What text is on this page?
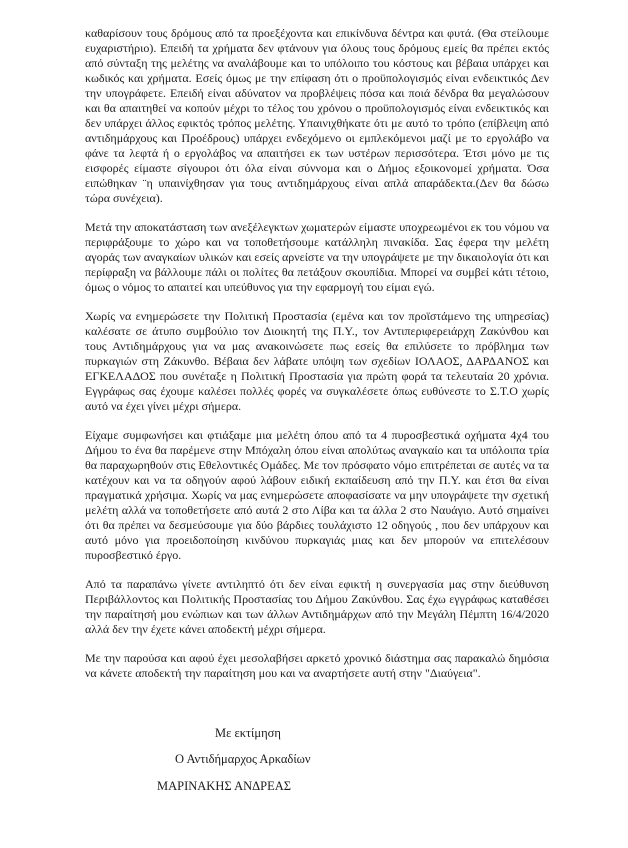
καθαρίσουν τους δρόμους από τα προεξέχοντα και επικίνδυνα δέντρα και φυτά. (Θα στείλουμε ευχαριστήριο). Επειδή τα χρήματα δεν φτάνουν για όλους τους δρόμους εμείς θα πρέπει εκτός από σύνταξη της μελέτης να αναλάβουμε και το υπόλοιπο του κόστους και βέβαια υπάρχει και κωδικός και χρήματα. Εσείς όμως με την επίφαση ότι ο προϋπολογισμός είναι ενδεικτικός Δεν την υπογράφετε. Επειδή είναι αδύνατον να προβλέψεις πόσα και ποιά δένδρα θα μεγαλώσουν και θα απαιτηθεί να κοπούν μέχρι το τέλος του χρόνου ο προϋπολογισμός είναι ενδεικτικός και δεν υπάρχει άλλος εφικτός τρόπος μελέτης. Υπαινιχθήκατε ότι με αυτό το τρόπο (επίβλεψη από αντιδημάρχους και Προέδρους) υπάρχει ενδεχόμενο οι εμπλεκόμενοι μαζί με το εργολάβο να φάνε τα λεφτά ή ο εργολάβος να απαιτήσει εκ των υστέρων περισσότερα. Έτσι μόνο με τις εισφορές είμαστε σίγουροι ότι όλα είναι σύννομα και ο Δήμος εξοικονομεί χρήματα. Όσα ειπώθηκαν ¨η υπαινίχθησαν για τους αντιδημάρχους είναι απλά απαράδεκτα.(Δεν θα δώσω τώρα συνέχεια).

Μετά την αποκατάσταση των ανεξέλεγκτων χωματερών είμαστε υποχρεωμένοι εκ του νόμου να περιφράξουμε το χώρο και να τοποθετήσουμε κατάλληλη πινακίδα. Σας έφερα την μελέτη αγοράς των αναγκαίων υλικών και εσείς αρνείστε να την υπογράψετε με την δικαιολογία ότι και περίφραξη να βάλλουμε πάλι οι πολίτες θα πετάξουν σκουπίδια. Μπορεί να συμβεί κάτι τέτοιο, όμως ο νόμος το απαιτεί και υπεύθυνος για την εφαρμογή του είμαι εγώ.

Χωρίς να ενημερώσετε την Πολιτική Προστασία (εμένα και τον προϊστάμενο της υπηρεσίας) καλέσατε σε άτυπο συμβούλιο τον Διοικητή της Π.Υ., τον Αντιπεριφερειάρχη Ζακύνθου και τους Αντιδημάρχους για να μας ανακοινώσετε πως εσείς θα επιλύσετε το πρόβλημα των πυρκαγιών στη Ζάκυνθο. Βέβαια δεν λάβατε υπόψη των σχεδίων ΙΟΛΑΟΣ, ΔΑΡΔΑΝΟΣ και ΕΓΚΕΛΑΔΟΣ που συνέταξε η Πολιτική Προστασία για πρώτη φορά τα τελευταία 20 χρόνια. Εγγράφως σας έχουμε καλέσει πολλές φορές να συγκαλέσετε όπως ευθύνεστε το Σ.Τ.Ο χωρίς αυτό να έχει γίνει μέχρι σήμερα.

Είχαμε συμφωνήσει και φτιάξαμε μια μελέτη όπου από τα 4 πυροσβεστικά οχήματα 4χ4 του Δήμου το ένα θα παρέμενε στην Μπόχαλη όπου είναι απολύτως αναγκαίο και τα υπόλοιπα τρία θα παραχωρηθούν στις Εθελοντικές Ομάδες. Με τον πρόσφατο νόμο επιτρέπεται σε αυτές να τα κατέχουν και να τα οδηγούν αφού λάβουν ειδική εκπαίδευση από την Π.Υ. και έτσι θα είναι πραγματικά χρήσιμα. Χωρίς να μας ενημερώσετε αποφασίσατε να μην υπογράψετε την σχετική μελέτη αλλά να τοποθετήσετε από αυτά 2 στο Λίβα και τα άλλα 2 στο Ναυάγιο. Αυτό σημαίνει ότι θα πρέπει να δεσμεύσουμε για δύο βάρδιες τουλάχιστο 12 οδηγούς , που δεν υπάρχουν και αυτό μόνο για προειδοποίηση κινδύνου πυρκαγιάς μιας και δεν μπορούν να επιτελέσουν πυροσβεστικό έργο.

Από τα παραπάνω γίνετε αντιληπτό ότι δεν είναι εφικτή η συνεργασία μας στην διεύθυνση Περιβάλλοντος και Πολιτικής Προστασίας του Δήμου Ζακύνθου. Σας έχω εγγράφως καταθέσει την παραίτησή μου ενώπιων και των άλλων Αντιδημάρχων από την Μεγάλη Πέμπτη 16/4/2020 αλλά δεν την έχετε κάνει αποδεκτή μέχρι σήμερα.

Με την παρούσα και αφού έχει μεσολαβήσει αρκετό χρονικό διάστημα σας παρακαλώ δημόσια να κάνετε αποδεκτή την παραίτηση μου και να αναρτήσετε αυτή στην "Διαύγεια".

Με εκτίμηση
Ο Αντιδήμαρχος Αρκαδίων
ΜΑΡΙΝΑΚΗΣ ΑΝΔΡΕΑΣ
